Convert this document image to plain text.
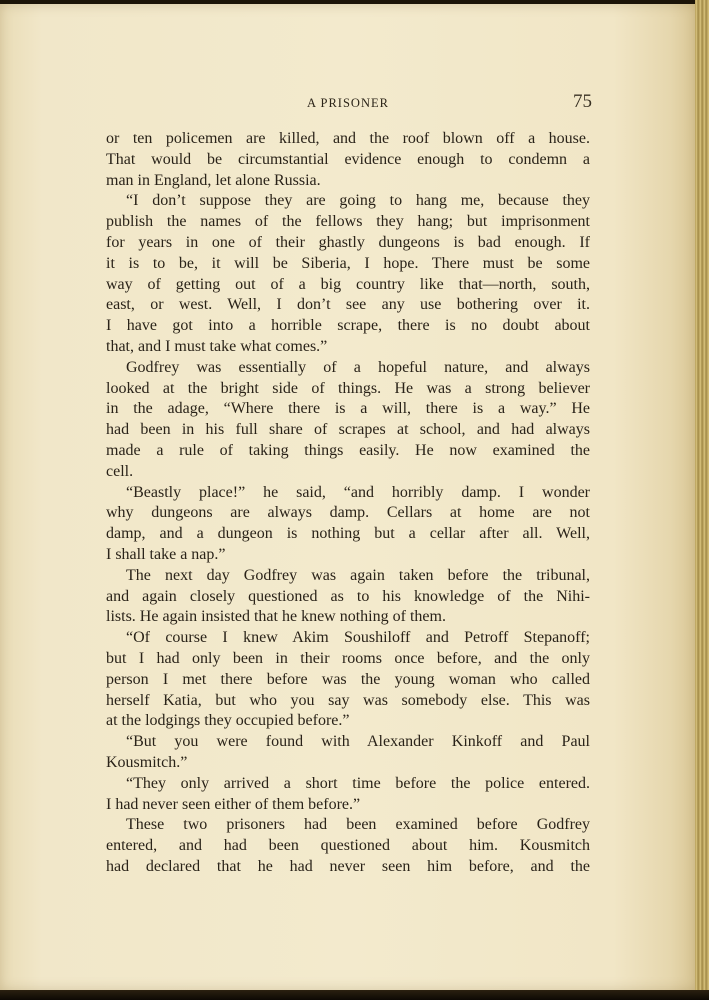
A PRISONER	75
or ten policemen are killed, and the roof blown off a house.
That would be circumstantial evidence enough to condemn a
man in England, let alone Russia.
“I don’t suppose they are going to hang me, because they
publish the names of the fellows they hang; but imprisonment
for years in one of their ghastly dungeons is bad enough. If
it is to be, it will be Siberia, I hope. There must be some
way of getting out of a big country like that—north, south,
east, or west. Well, I don’t see any use bothering over it.
I have got into a horrible scrape, there is no doubt about
that, and I must take what comes.”
Godfrey was essentially of a hopeful nature, and always
looked at the bright side of things. He was a strong believer
in the adage, “Where there is a will, there is a way.” He
had been in his full share of scrapes at school, and had always
made a rule of taking things easily. He now examined the
cell.
“Beastly place!” he said, “and horribly damp. I wonder
why dungeons are always damp. Cellars at home are not
damp, and a dungeon is nothing but a cellar after all. Well,
I shall take a nap.”
The next day Godfrey was again taken before the tribunal,
and again closely questioned as to his knowledge of the Nihi-
lists. He again insisted that he knew nothing of them.
“Of course I knew Akim Soushiloff and Petroff Stepanoff;
but I had only been in their rooms once before, and the only
person I met there before was the young woman who called
herself Katia, but who you say was somebody else. This was
at the lodgings they occupied before.”
“But you were found with Alexander Kinkoff and Paul
Kousmitch.”
“They only arrived a short time before the police entered.
I had never seen either of them before.”
These two prisoners had been examined before Godfrey
entered, and had been questioned about him. Kousmitch
had declared that he had never seen him before, and the
